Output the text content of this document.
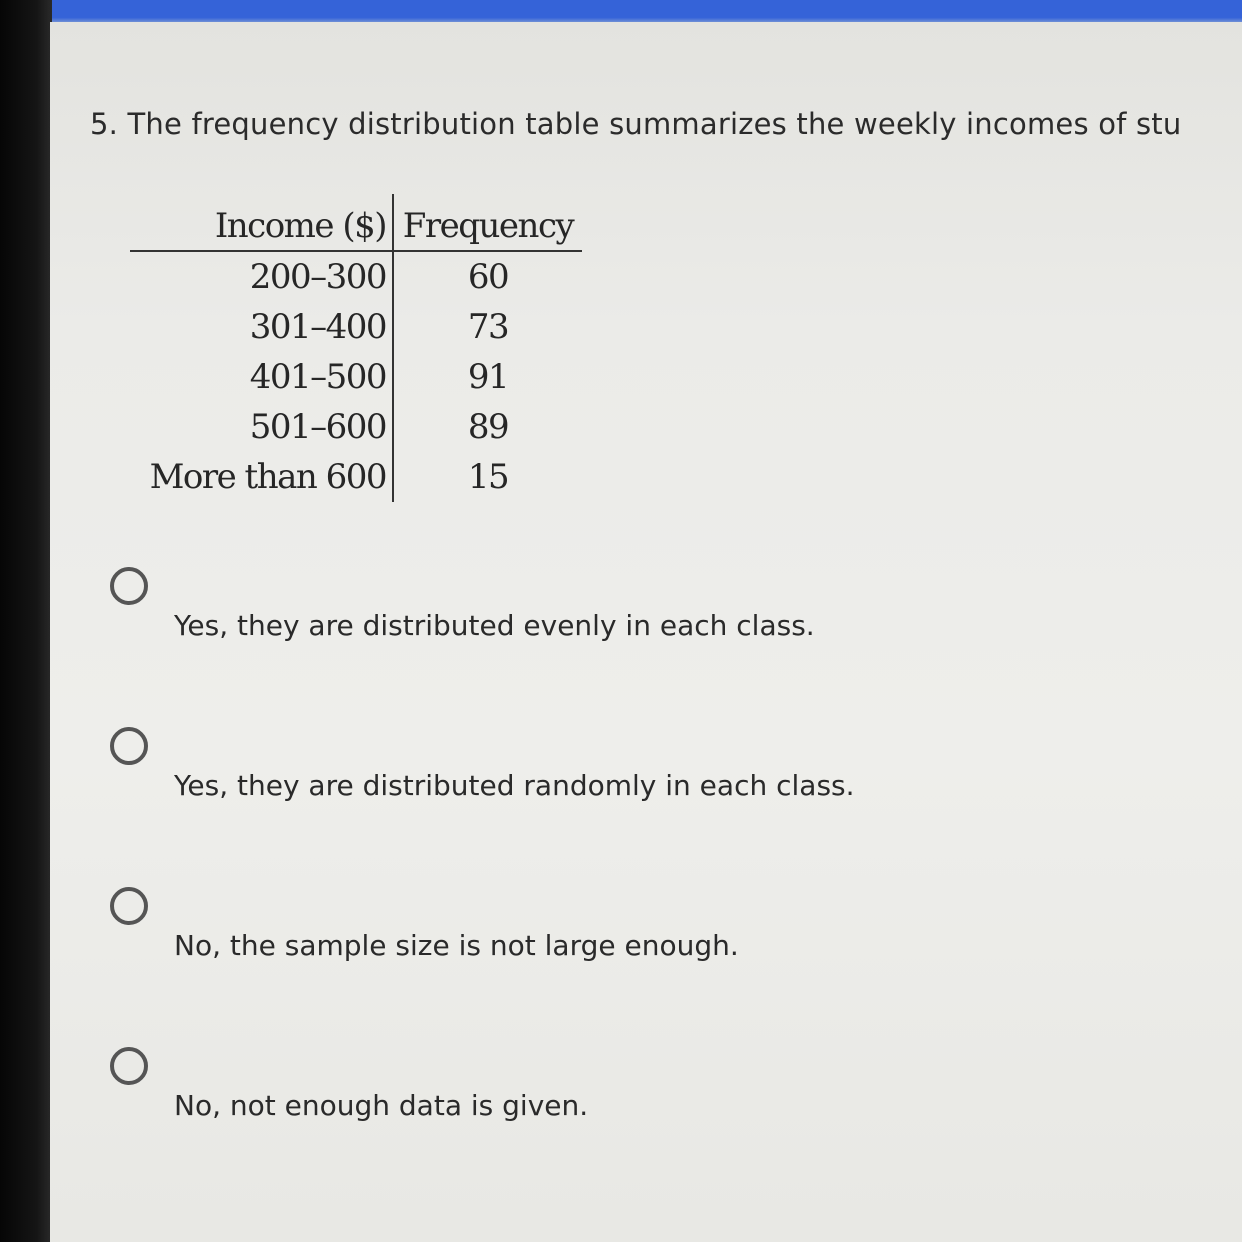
5. The frequency distribution table summarizes the weekly incomes of stu
Income ($)	Frequency
200–300	60
301–400	73
401–500	91
501–600	89
More than 600	15
Yes, they are distributed evenly in each class.
Yes, they are distributed randomly in each class.
No, the sample size is not large enough.
No, not enough data is given.
